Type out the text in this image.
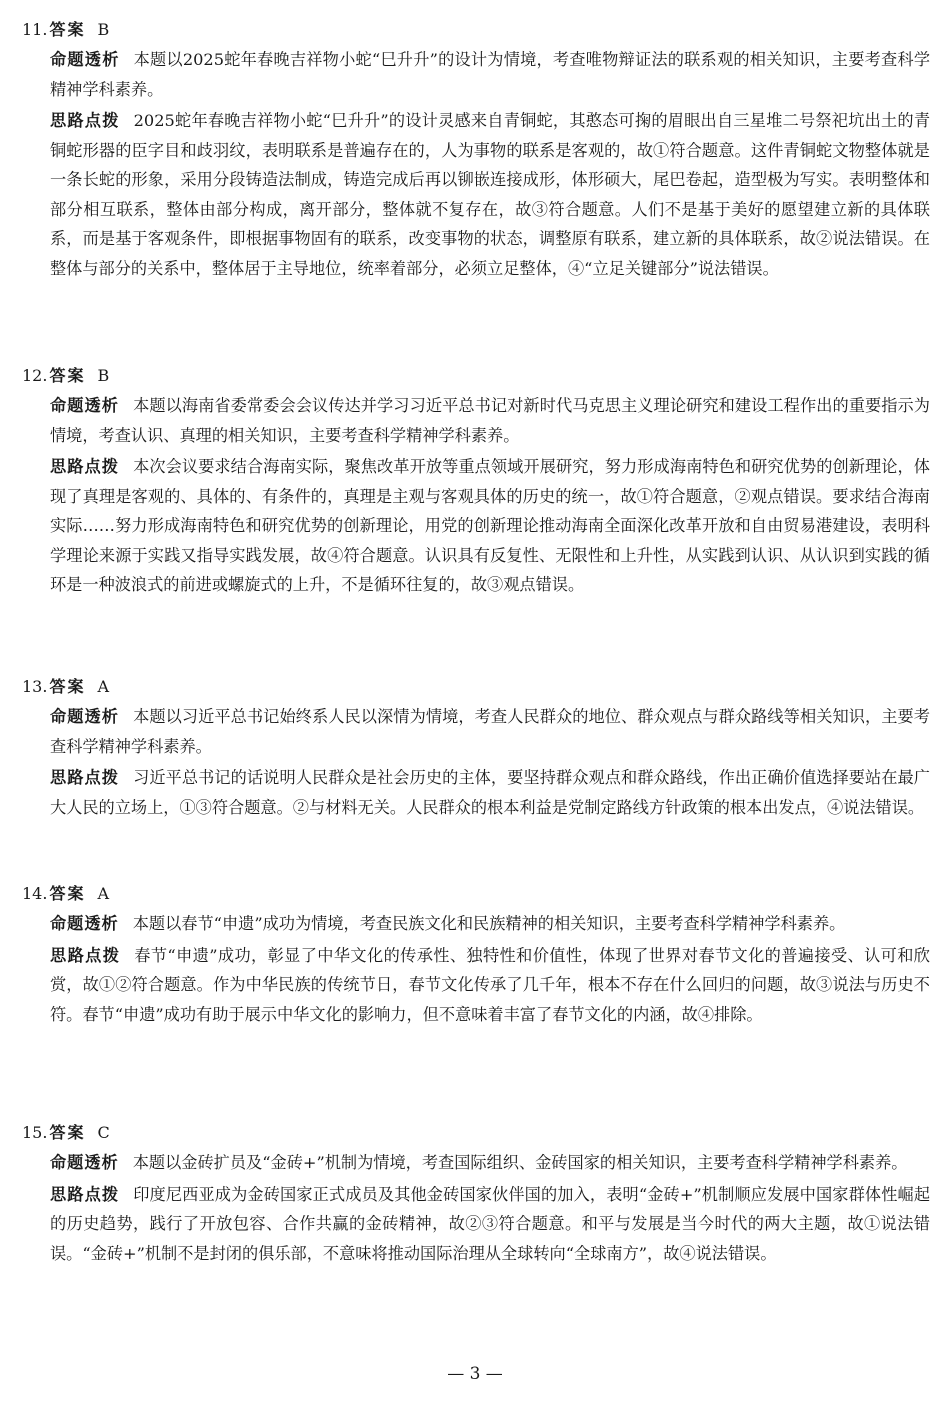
11. 答案 B
命题透析 本题以2025蛇年春晚吉祥物小蛇“巳升升”的设计为情境，考查唯物辩证法的联系观的相关知识，主要考查科学精神学科素养。
思路点拨 2025蛇年春晚吉祥物小蛇“巳升升”的设计灵感来自青铜蛇，其憨态可掬的眉眼出自三星堆二号祭祀坑出土的青铜蛇形器的臣字目和歧羽纹，表明联系是普遍存在的，人为事物的联系是客观的，故①符合题意。这件青铜蛇文物整体就是一条长蛇的形象，采用分段铸造法制成，铸造完成后再以铆嵌连接成形，体形硕大，尾巴卷起，造型极为写实。表明整体和部分相互联系，整体由部分构成，离开部分，整体就不复存在，故③符合题意。人们不是基于美好的愿望建立新的具体联系，而是基于客观条件，即根据事物固有的联系，改变事物的状态，调整原有联系，建立新的具体联系，故②说法错误。在整体与部分的关系中，整体居于主导地位，统率着部分，必须立足整体，④“立足关键部分”说法错误。
12. 答案 B
命题透析 本题以海南省委常委会会议传达并学习习近平总书记对新时代马克思主义理论研究和建设工程作出的重要指示为情境，考查认识、真理的相关知识，主要考查科学精神学科素养。
思路点拨 本次会议要求结合海南实际，聚焦改革开放等重点领域开展研究，努力形成海南特色和研究优势的创新理论，体现了真理是客观的、具体的、有条件的，真理是主观与客观具体的历史的统一，故①符合题意，②观点错误。要求结合海南实际……努力形成海南特色和研究优势的创新理论，用党的创新理论推动海南全面深化改革开放和自由贸易港建设，表明科学理论来源于实践又指导实践发展，故④符合题意。认识具有反复性、无限性和上升性，从实践到认识、从认识到实践的循环是一种波浪式的前进或螺旋式的上升，不是循环往复的，故③观点错误。
13. 答案 A
命题透析 本题以习近平总书记始终系人民以深情为情境，考查人民群众的地位、群众观点与群众路线等相关知识，主要考查科学精神学科素养。
思路点拨 习近平总书记的话说明人民群众是社会历史的主体，要坚持群众观点和群众路线，作出正确价值选择要站在最广大人民的立场上，①③符合题意。②与材料无关。人民群众的根本利益是党制定路线方针政策的根本出发点，④说法错误。
14. 答案 A
命题透析 本题以春节“申遗”成功为情境，考查民族文化和民族精神的相关知识，主要考查科学精神学科素养。
思路点拨 春节“申遗”成功，彰显了中华文化的传承性、独特性和价值性，体现了世界对春节文化的普遍接受、认可和欣赏，故①②符合题意。作为中华民族的传统节日，春节文化传承了几千年，根本不存在什么回归的问题，故③说法与历史不符。春节“申遗”成功有助于展示中华文化的影响力，但不意味着丰富了春节文化的内涵，故④排除。
15. 答案 C
命题透析 本题以金砖扩员及“金砖+”机制为情境，考查国际组织、金砖国家的相关知识，主要考查科学精神学科素养。
思路点拨 印度尼西亚成为金砖国家正式成员及其他金砖国家伙伴国的加入，表明“金砖+”机制顺应发展中国家群体性崛起的历史趋势，践行了开放包容、合作共赢的金砖精神，故②③符合题意。和平与发展是当今时代的两大主题，故①说法错误。“金砖+”机制不是封闭的俱乐部，不意味将推动国际治理从全球转向“全球南方”，故④说法错误。
— 3 —
